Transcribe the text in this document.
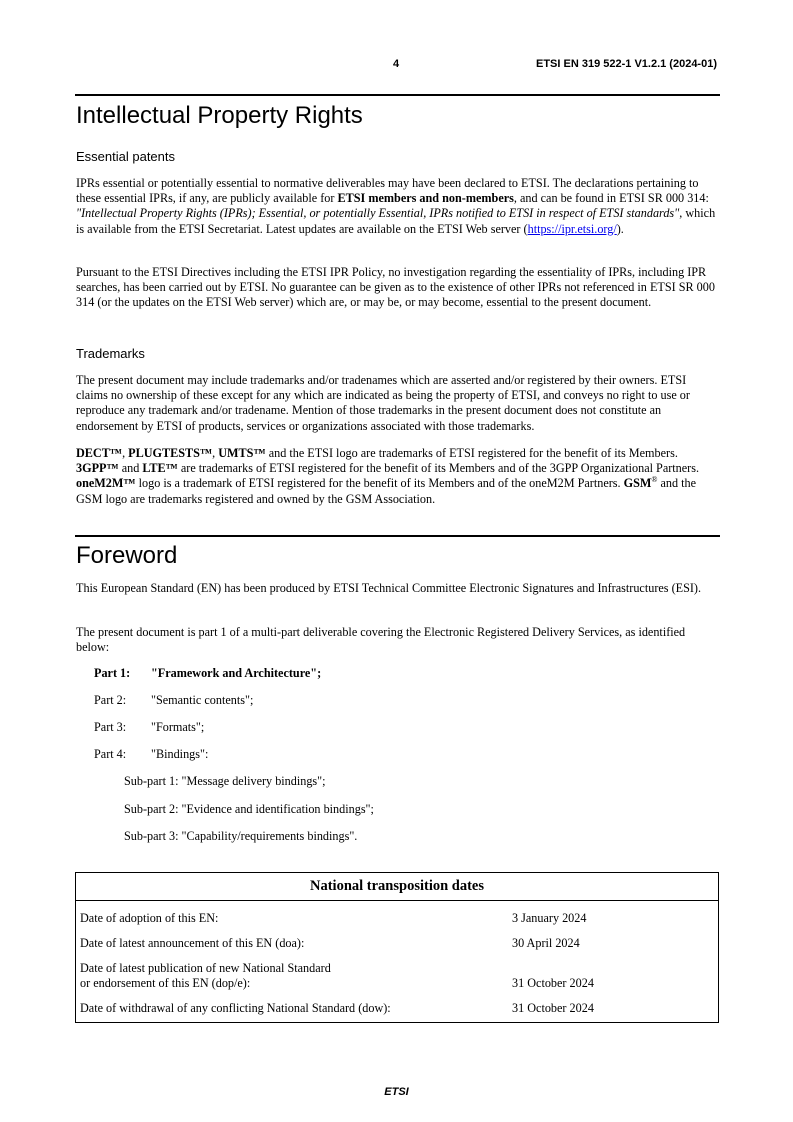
4	ETSI EN 319 522-1 V1.2.1 (2024-01)
Intellectual Property Rights
Essential patents

IPRs essential or potentially essential to normative deliverables may have been declared to ETSI. The declarations pertaining to these essential IPRs, if any, are publicly available for ETSI members and non-members, and can be found in ETSI SR 000 314: "Intellectual Property Rights (IPRs); Essential, or potentially Essential, IPRs notified to ETSI in respect of ETSI standards", which is available from the ETSI Secretariat. Latest updates are available on the ETSI Web server (https://ipr.etsi.org/).

Pursuant to the ETSI Directives including the ETSI IPR Policy, no investigation regarding the essentiality of IPRs, including IPR searches, has been carried out by ETSI. No guarantee can be given as to the existence of other IPRs not referenced in ETSI SR 000 314 (or the updates on the ETSI Web server) which are, or may be, or may become, essential to the present document.

Trademarks

The present document may include trademarks and/or tradenames which are asserted and/or registered by their owners. ETSI claims no ownership of these except for any which are indicated as being the property of ETSI, and conveys no right to use or reproduce any trademark and/or tradename. Mention of those trademarks in the present document does not constitute an endorsement by ETSI of products, services or organizations associated with those trademarks.

DECT™, PLUGTESTS™, UMTS™ and the ETSI logo are trademarks of ETSI registered for the benefit of its Members. 3GPP™ and LTE™ are trademarks of ETSI registered for the benefit of its Members and of the 3GPP Organizational Partners. oneM2M™ logo is a trademark of ETSI registered for the benefit of its Members and of the oneM2M Partners. GSM® and the GSM logo are trademarks registered and owned by the GSM Association.

Foreword

This European Standard (EN) has been produced by ETSI Technical Committee Electronic Signatures and Infrastructures (ESI).

The present document is part 1 of a multi-part deliverable covering the Electronic Registered Delivery Services, as identified below:

Part 1: "Framework and Architecture";
Part 2: "Semantic contents";
Part 3: "Formats";
Part 4: "Bindings":
Sub-part 1: "Message delivery bindings";
Sub-part 2: "Evidence and identification bindings";
Sub-part 3: "Capability/requirements bindings".
National transposition dates	
Date of adoption of this EN:	3 January 2024
Date of latest announcement of this EN (doa):	30 April 2024
Date of latest publication of new National Standard
or endorsement of this EN (dop/e):	31 October 2024
Date of withdrawal of any conflicting National Standard (dow):	31 October 2024
ETSI
